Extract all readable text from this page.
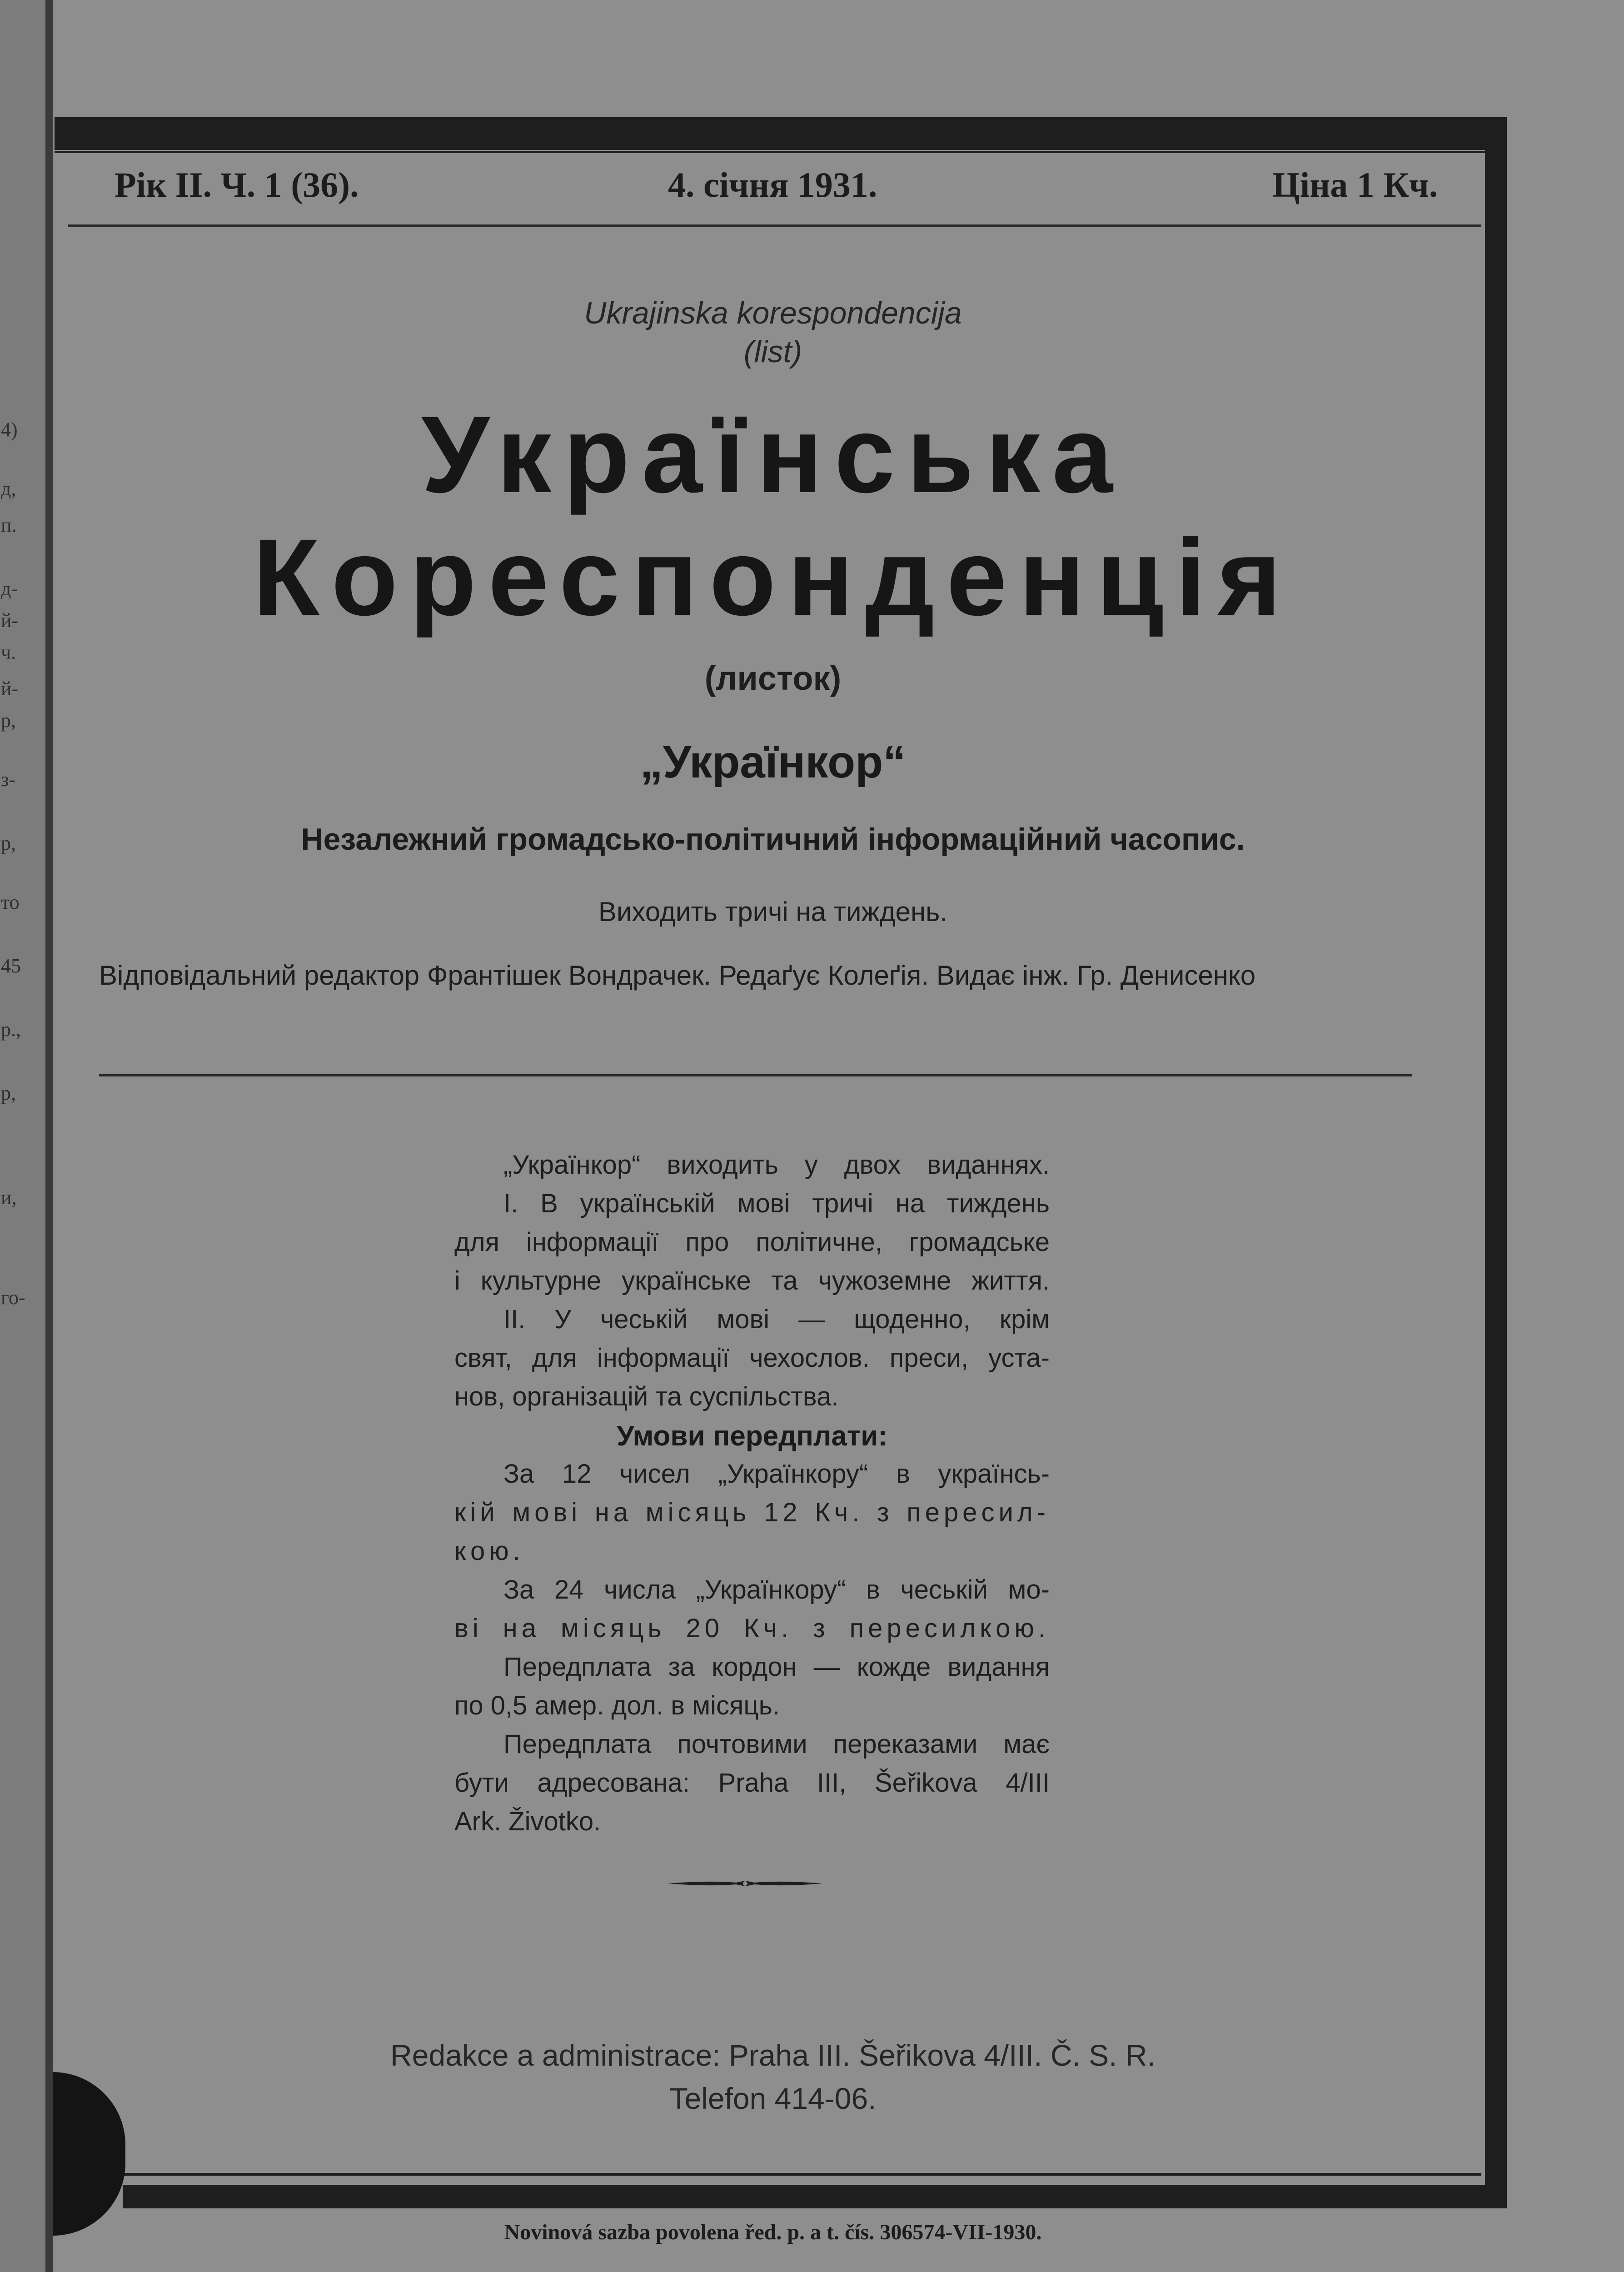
4)
д,
п.
д-
й-
ч.
й-
р,
з-
р,
то
45
р.,
р,
и,
го-
Рік II. Ч. 1 (36).	4. січня 1931.	Ціна 1 Кч.
Ukrajinska korespondencija
(list)
Українська
Кореспонденція
(листок)
„Українкор“
Незалежний громадсько-політичний інформаційний часопис.
Виходить тричі на тиждень.
Відповідальний редактор Франтішек Вондрачек. Редаґує Колеґія. Видає інж. Гр. Денисенко
„Українкор“ виходить у двох виданнях.
I. В українській мові тричі на тиждень
для інформації про політичне, громадське
і культурне українське та чужоземне життя.
II. У чеській мові — щоденно, крім
свят, для інформації чехослов. преси, уста-
нов, організацій та суспільства.
Умови передплати:
За 12 чисел „Українкору“ в українсь-
кій мові на місяць 12 Кч. з пересил-
кою.
За 24 числа „Українкору“ в чеській мо-
ві на місяць 20 Кч. з пересилкою.
Передплата за кордон — кожде видання
по 0,5 амер. дол. в місяць.
Передплата почтовими переказами має
бути адресована: Praha III, Šeřikova 4/III
Ark. Životko.
Redakce a administrace: Praha III. Šeřikova 4/III. Č. S. R.
Telefon 414-06.
Novinová sazba povolena řed. p. a t. čís. 306574-VII-1930.
